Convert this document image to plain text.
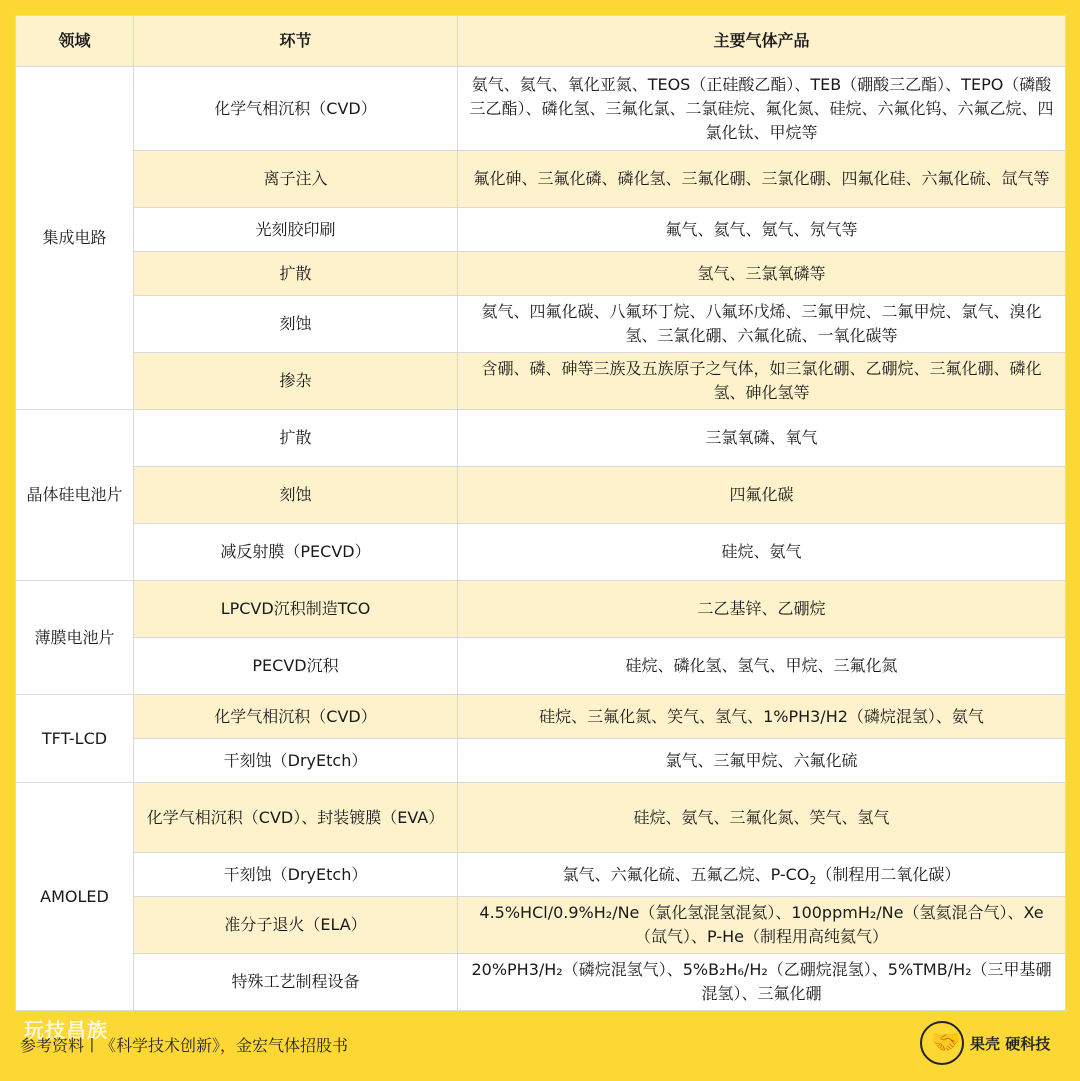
领域	环节	主要气体产品
集成电路	化学气相沉积（CVD）	氨气、氦气、氧化亚氮、TEOS（正硅酸乙酯）、TEB（硼酸三乙酯）、TEPO（磷酸三乙酯）、磷化氢、三氟化氯、二氯硅烷、氟化氮、硅烷、六氟化钨、六氟乙烷、四氯化钛、甲烷等
	离子注入	氟化砷、三氟化磷、磷化氢、三氟化硼、三氯化硼、四氟化硅、六氟化硫、氙气等
	光刻胶印刷	氟气、氦气、氪气、氖气等
	扩散	氢气、三氯氧磷等
	刻蚀	氦气、四氟化碳、八氟环丁烷、八氟环戊烯、三氟甲烷、二氟甲烷、氯气、溴化氢、三氯化硼、六氟化硫、一氧化碳等
	掺杂	含硼、磷、砷等三族及五族原子之气体，如三氯化硼、乙硼烷、三氟化硼、磷化氢、砷化氢等
晶体硅电池片	扩散	三氯氧磷、氧气
	刻蚀	四氟化碳
	减反射膜（PECVD）	硅烷、氨气
薄膜电池片	LPCVD沉积制造TCO	二乙基锌、乙硼烷
	PECVD沉积	硅烷、磷化氢、氢气、甲烷、三氟化氮
TFT-LCD	化学气相沉积（CVD）	硅烷、三氟化氮、笑气、氢气、1%PH3/H2（磷烷混氢）、氨气
	干刻蚀（DryEtch）	氯气、三氟甲烷、六氟化硫
AMOLED	化学气相沉积（CVD）、封装镀膜（EVA）	硅烷、氨气、三氟化氮、笑气、氢气
	干刻蚀（DryEtch）	氯气、六氟化硫、五氟乙烷、$P-CO_2$（制程用二氧化碳）
	准分子退火（ELA）	4.5%HCl/0.9%H₂/Ne（氯化氢混氢混氦）、100ppmH₂/Ne（氢氦混合气）、Xe（氙气）、P-He（制程用高纯氦气）
	特殊工艺制程设备	20%PH3/H₂（磷烷混氢气）、5%B₂H₆/H₂（乙硼烷混氢）、5%TMB/H₂（三甲基硼混氢）、三氟化硼
玩技昌族
参考资料丨《科学技术创新》，金宏气体招股书	🤝 果壳 硬科技
